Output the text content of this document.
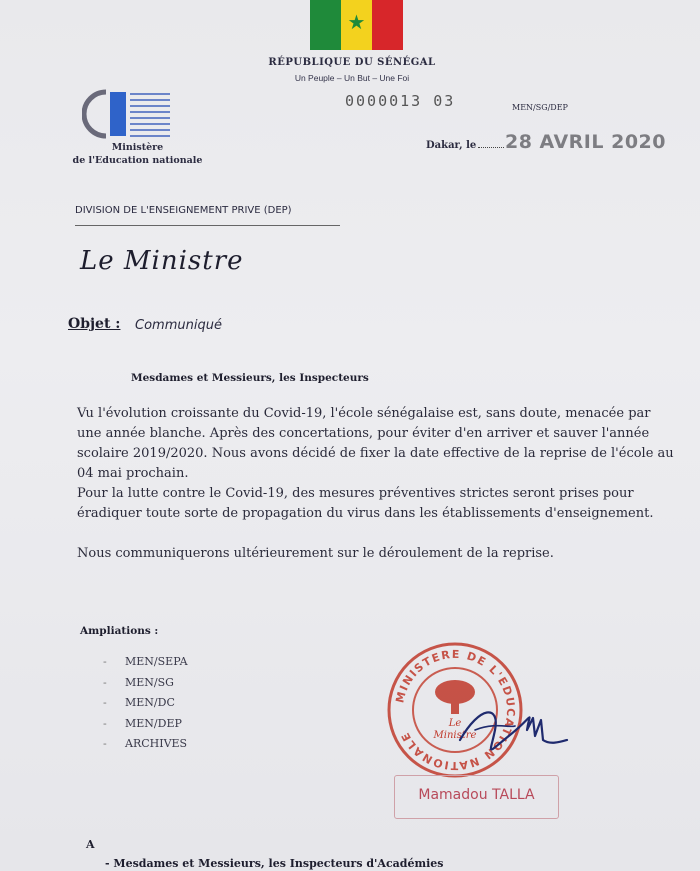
★
RÉPUBLIQUE DU SÉNÉGAL
Un Peuple – Un But – Une Foi
0000013 03	MEN/SG/DEP
Ministère
de l'Education nationale
Dakar, le	28 AVRIL 2020
DIVISION DE L'ENSEIGNEMENT PRIVE (DEP)
Le Ministre
Objet : Communiqué
Mesdames et Messieurs, les Inspecteurs

Vu l'évolution croissante du Covid-19, l'école sénégalaise est, sans doute, menacée par une année blanche. Après des concertations, pour éviter d'en arriver et sauver l'année scolaire 2019/2020. Nous avons décidé de fixer la date effective de la reprise de l'école au 04 mai prochain.

Pour la lutte contre le Covid-19, des mesures préventives strictes seront prises pour éradiquer toute sorte de propagation du virus dans les établissements d'enseignement.

Nous communiquerons ultérieurement sur le déroulement de la reprise.

Ampliations :
- MEN/SEPA
- MEN/SG
- MEN/DC
- MEN/DEP
- ARCHIVES
MINISTERE DE L'EDUCATION NATIONALE
Le
Ministre
Mamadou TALLA
A
- Mesdames et Messieurs, les Inspecteurs d'Académies
